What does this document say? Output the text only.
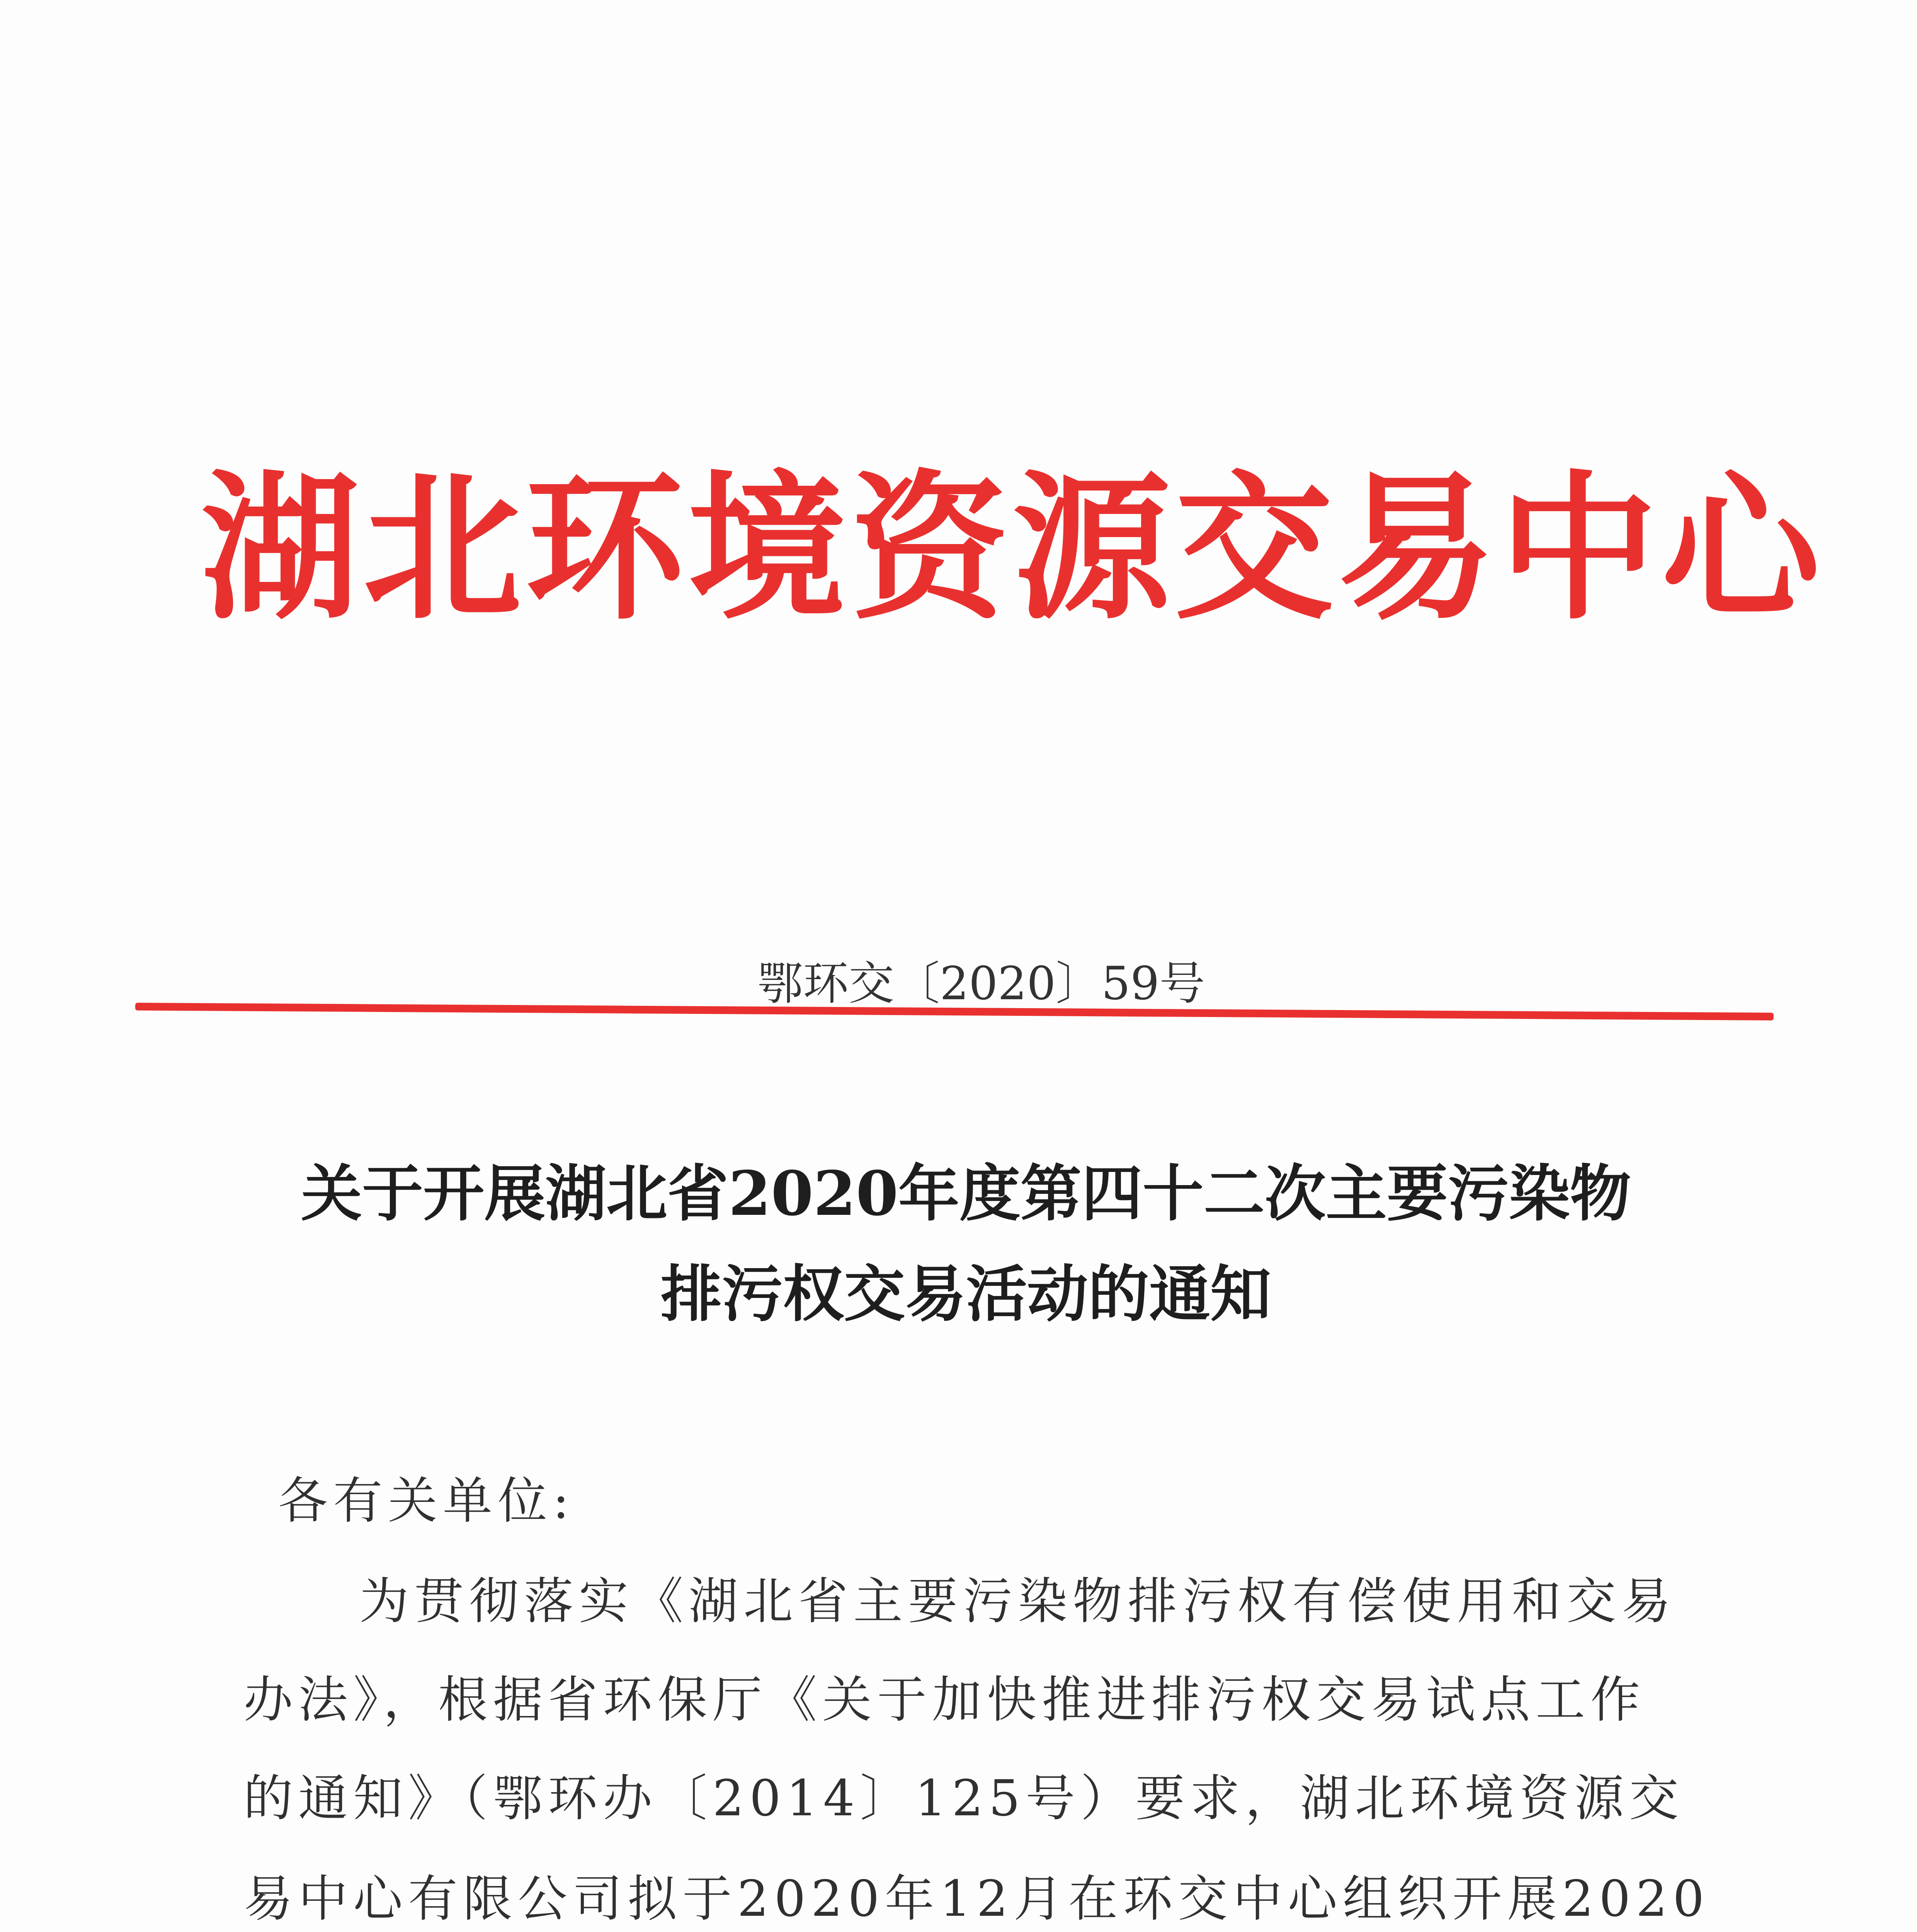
湖北环境资源交易中心
鄂环交〔2020〕59号
关于开展湖北省2020年度第四十二次主要污染物
排污权交易活动的通知
各有关单位:
为贯彻落实《湖北省主要污染物排污权有偿使用和交易
办法》，根据省环保厅《关于加快推进排污权交易试点工作
的通知》（鄂环办〔2014〕125号）要求，湖北环境资源交
易中心有限公司拟于2020年12月在环交中心组织开展2020
